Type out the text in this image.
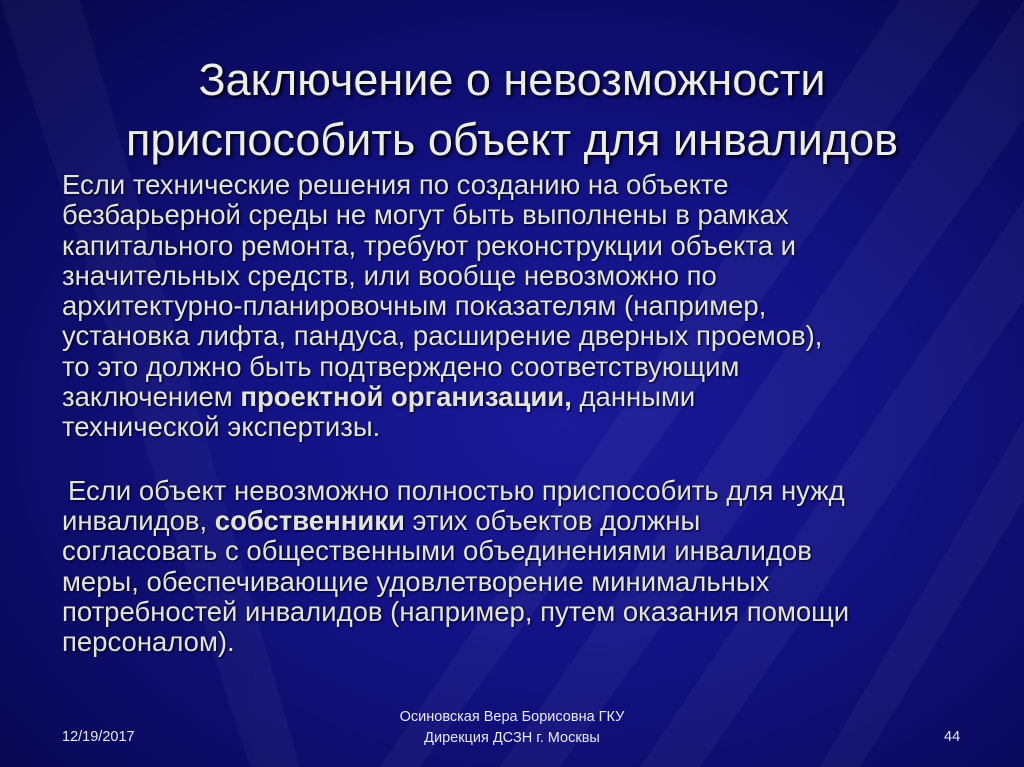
Заключение о невозможности
приспособить объект для инвалидов
Если технические решения по созданию на объекте
безбарьерной среды не могут быть выполнены в рамках
капитального ремонта, требуют реконструкции объекта и
значительных средств, или вообще невозможно по
архитектурно-планировочным показателям (например,
установка лифта, пандуса, расширение дверных проемов),
то это должно быть подтверждено соответствующим
заключением проектной организации, данными
технической экспертизы.
Если объект невозможно полностью приспособить для нужд
инвалидов, собственники этих объектов должны
согласовать с общественными объединениями инвалидов
меры, обеспечивающие удовлетворение минимальных
потребностей инвалидов (например, путем оказания помощи
персоналом).
12/19/2017
Осиновская Вера Борисовна ГКУ
Дирекция ДСЗН г. Москвы	44
